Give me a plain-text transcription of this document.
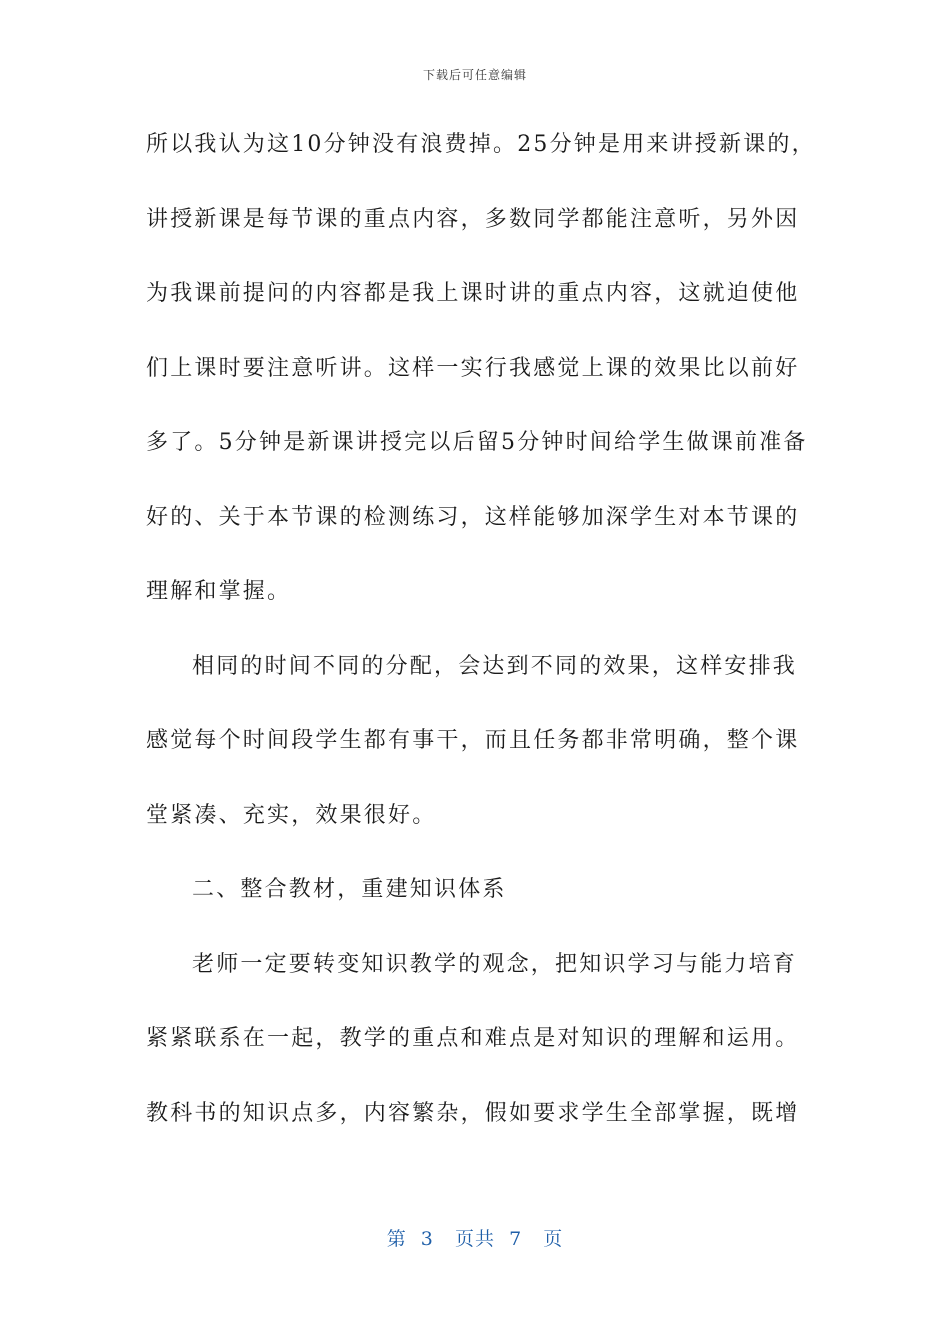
下载后可任意编辑
所以我认为这10分钟没有浪费掉。25分钟是用来讲授新课的，
讲授新课是每节课的重点内容，多数同学都能注意听，另外因
为我课前提问的内容都是我上课时讲的重点内容，这就迫使他
们上课时要注意听讲。这样一实行我感觉上课的效果比以前好
多了。5分钟是新课讲授完以后留5分钟时间给学生做课前准备
好的、关于本节课的检测练习，这样能够加深学生对本节课的
理解和掌握。
相同的时间不同的分配，会达到不同的效果，这样安排我
感觉每个时间段学生都有事干，而且任务都非常明确，整个课
堂紧凑、充实，效果很好。
二、整合教材，重建知识体系
老师一定要转变知识教学的观念，把知识学习与能力培育
紧紧联系在一起，教学的重点和难点是对知识的理解和运用。
教科书的知识点多，内容繁杂，假如要求学生全部掌握，既增
第  3   页共  7   页
